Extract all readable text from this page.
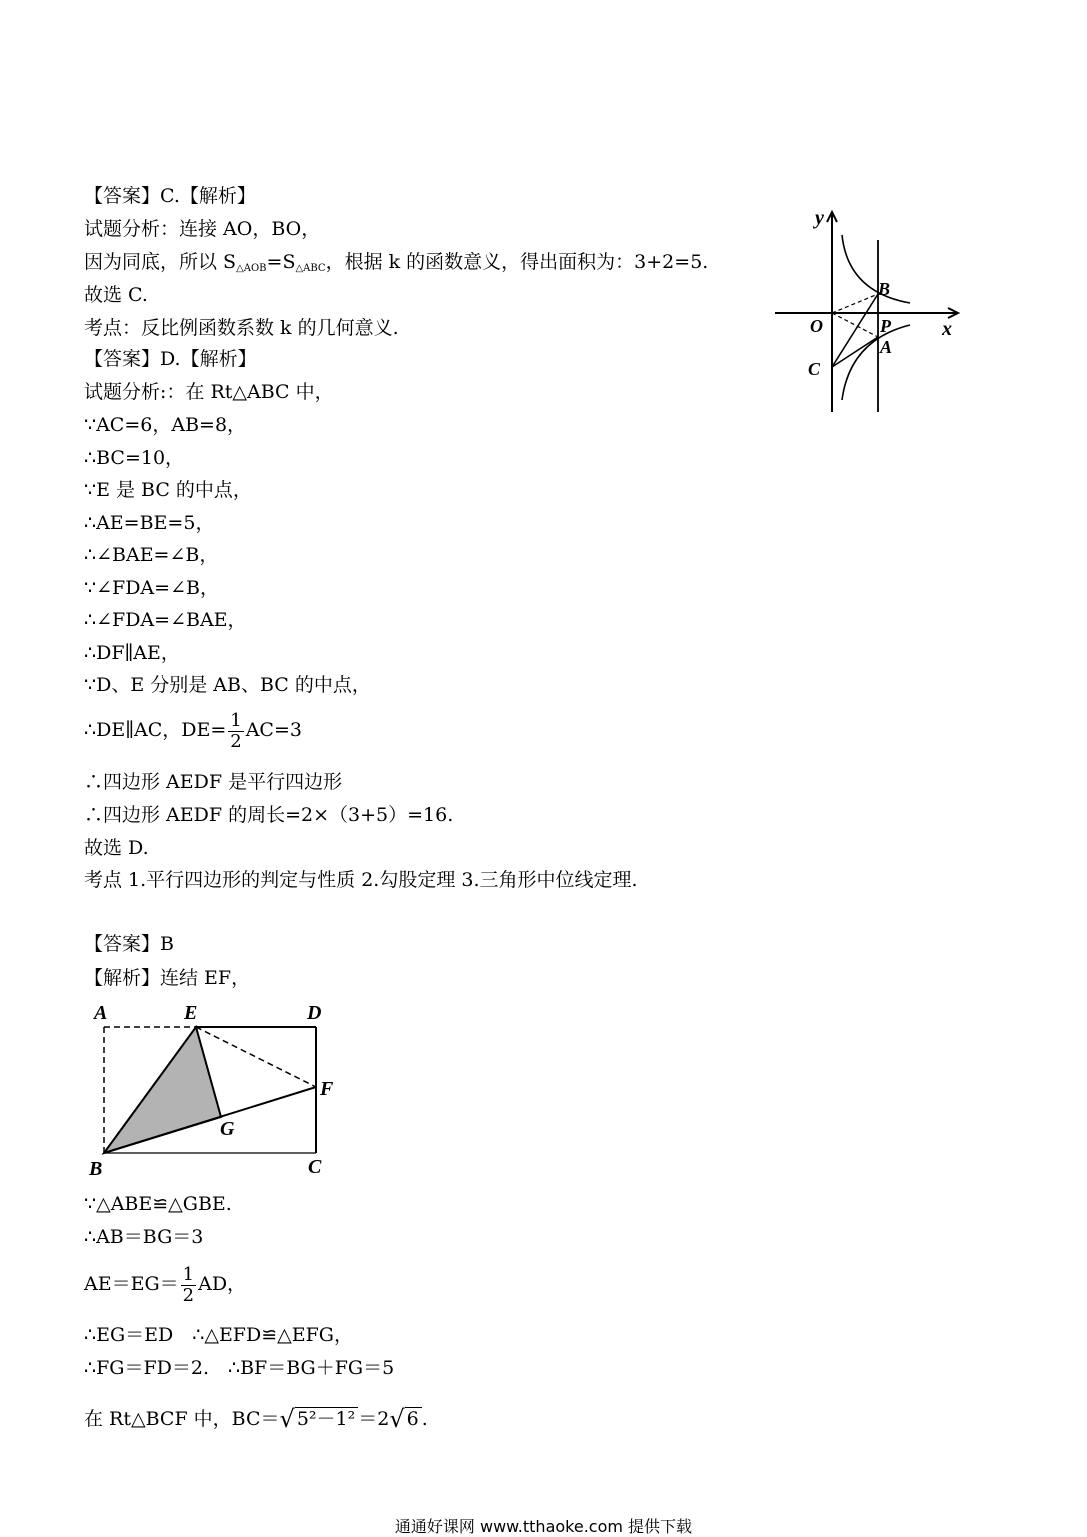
【答案】C.【解析】
试题分析：连接 AO，BO，
因为同底，所以 $S_{\triangle AOB}=S_{\triangle ABC}$，根据 k 的函数意义，得出面积为：3+2=5.
故选 C.
考点：反比例函数系数 k 的几何意义.
【答案】D.【解析】
试题分析:：在 Rt△ABC 中，
∵AC=6，AB=8，
∴BC=10，
∵E 是 BC 的中点，
∴AE=BE=5，
∴∠BAE=∠B，
∵∠FDA=∠B，
∴∠FDA=∠BAE，
∴DF∥AE，
∵D、E 分别是 AB、BC 的中点，
∴DE∥AC，$DE= \frac{1}{2} AC=3$
∴四边形 AEDF 是平行四边形
∴四边形 AEDF 的周长=2×（3+5）=16.
故选 D.
考点 1.平行四边形的判定与性质 2.勾股定理 3.三角形中位线定理.
【答案】B
【解析】连结 EF，
∵△ABE≌△GBE.
∴AB＝BG＝3
$AE=EG= \frac{1}{2}$ AD，
∴EG＝ED　∴△EFD≌△EFG，
∴FG＝FD＝2.　∴BF＝BG＋FG＝5
在 Rt△BCF 中，BC＝√ 5²－1² ＝2√ 6 .
y
x
O	P
B
A
C
A	E	D
F
G
B	C
通通好课网 www.tthaoke.com 提供下载
